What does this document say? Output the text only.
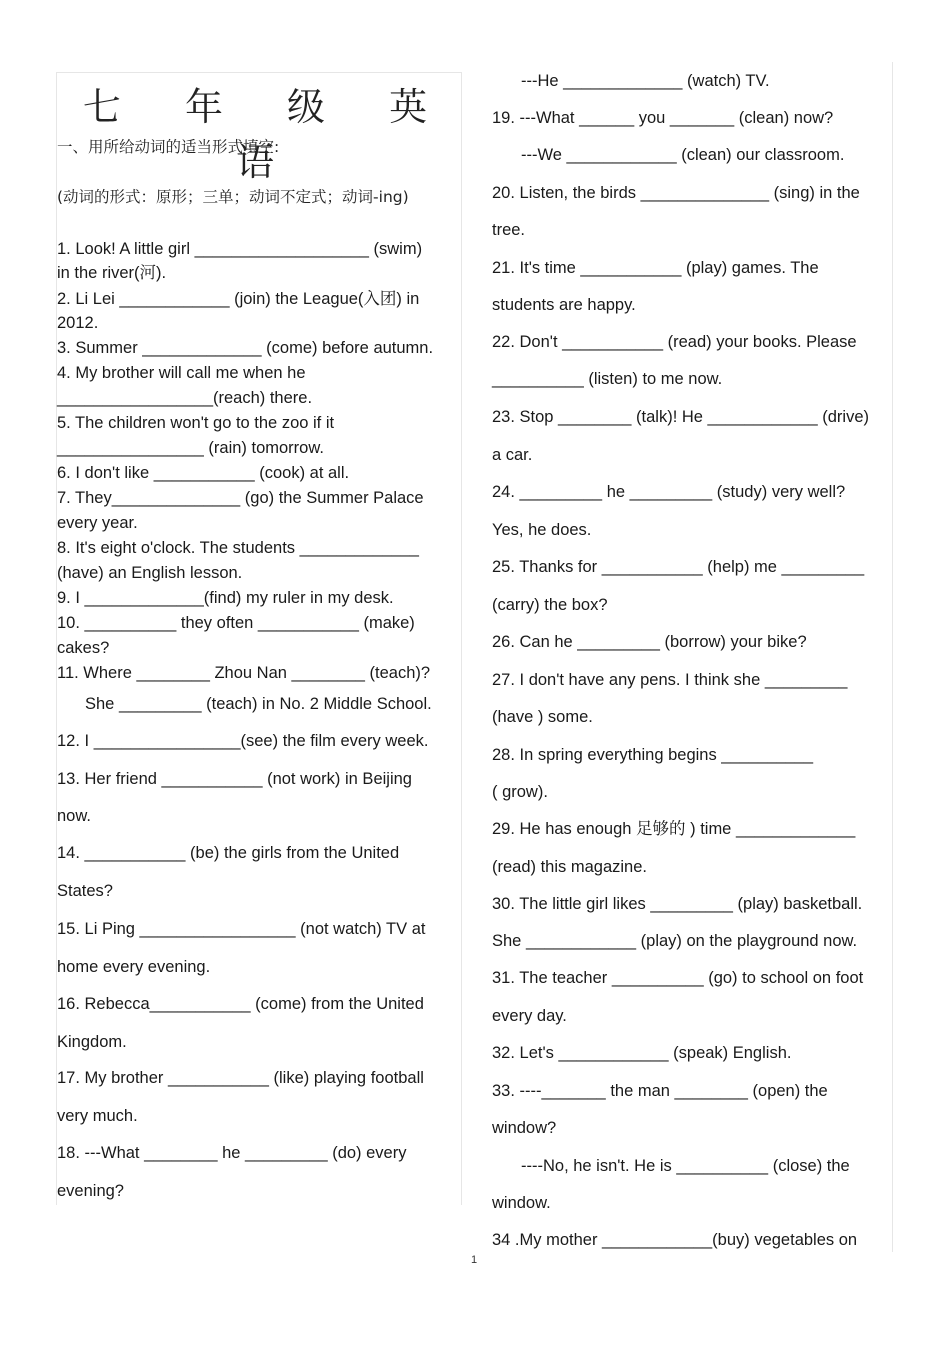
七 年 级 英 语
一、用所给动词的适当形式填空:
(动词的形式：原形；三单；动词不定式；动词-ing)
1. Look! A little girl ___________________ (swim)
in the river(河).
2. Li Lei ____________ (join) the League(入团) in
2012.
3. Summer _____________ (come) before autumn.
4. My brother will call me when he
_________________(reach) there.
5. The children won't go to the zoo if it
________________ (rain) tomorrow.
6. I don't like ___________ (cook) at all.
7. They______________ (go) the Summer Palace
every year.
8. It's eight o'clock. The students _____________
(have) an English lesson.
9. I _____________(find) my ruler in my desk.
10. __________ they often ___________ (make)
cakes?
11. Where ________ Zhou Nan ________ (teach)?
She _________ (teach) in No. 2 Middle School.
12. I ________________(see) the film every week.
13. Her friend ___________ (not work) in Beijing
now.
14. ___________ (be) the girls from the United
States?
15. Li Ping _________________ (not watch) TV at
home every evening.
16. Rebecca___________ (come) from the United
Kingdom.
17. My brother ___________ (like) playing football
very much.
18. ---What ________ he _________ (do) every
evening?
---He _____________ (watch) TV.
19. ---What ______ you _______ (clean) now?
---We ____________ (clean) our classroom.
20. Listen, the birds ______________ (sing) in the
tree.
21. It's time ___________ (play) games. The
students are happy.
22. Don't ___________ (read) your books. Please
__________ (listen) to me now.
23. Stop ________ (talk)! He ____________ (drive)
a car.
24. _________ he _________ (study) very well?
Yes, he does.
25. Thanks for ___________ (help) me _________
(carry) the box?
26. Can he _________ (borrow) your bike?
27. I don't have any pens. I think she _________
(have ) some.
28. In spring everything begins __________
( grow).
29. He has enough 足够的 ) time _____________
(read) this magazine.
30. The little girl likes _________ (play) basketball.
She ____________ (play) on the playground now.
31. The teacher __________ (go) to school on foot
every day.
32. Let's ____________ (speak) English.
33. ----_______ the man ________ (open) the
window?
----No, he isn't. He is __________ (close) the
window.
34 .My mother ____________(buy) vegetables on
1
